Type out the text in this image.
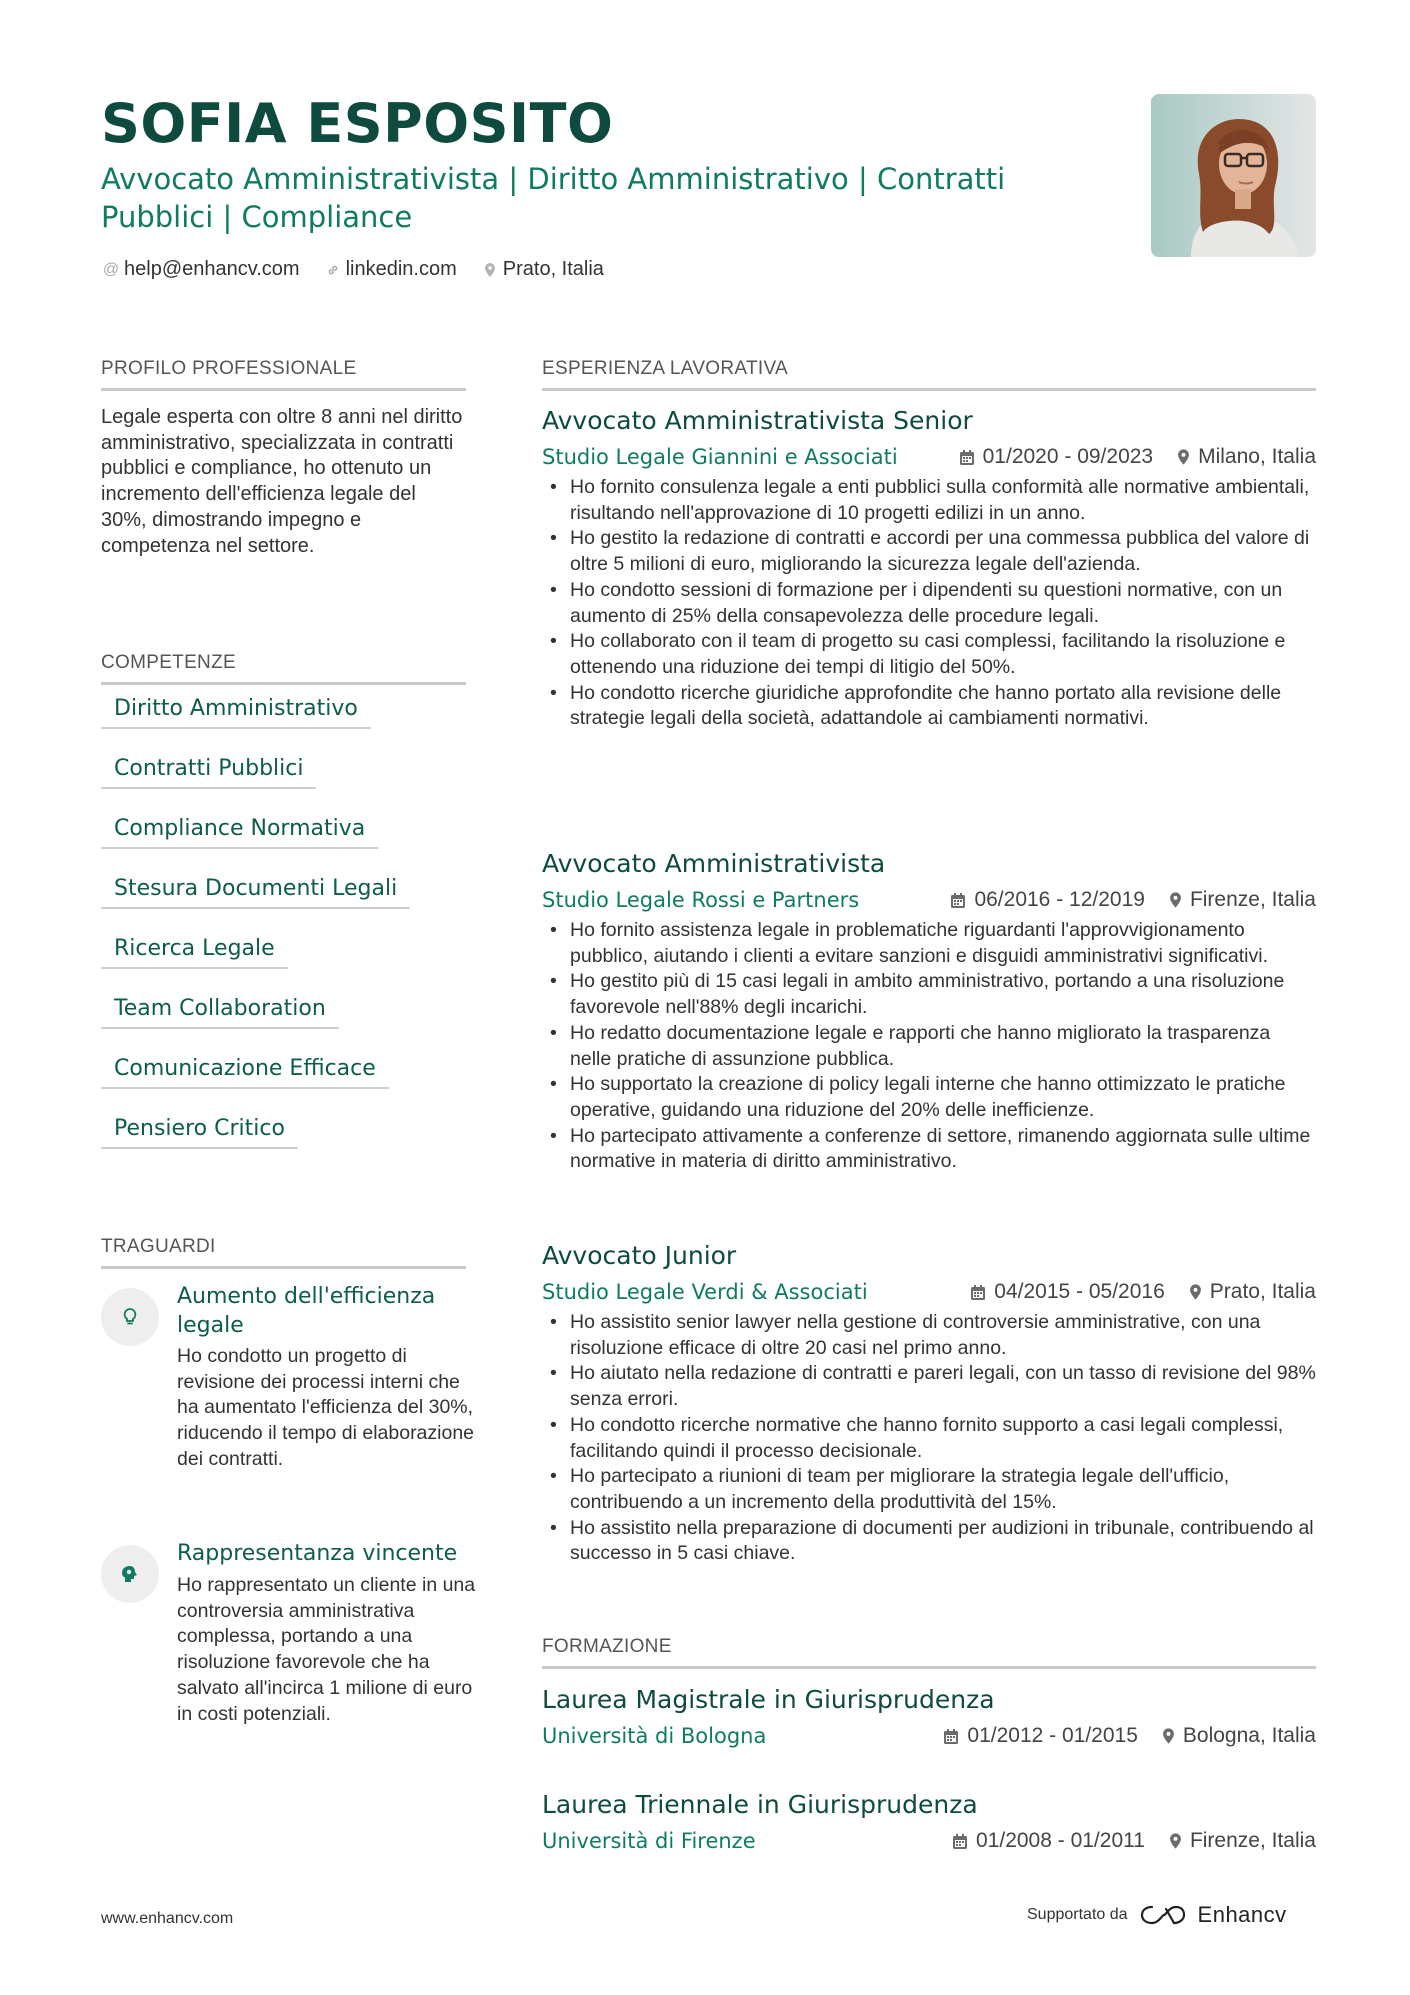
SOFIA ESPOSITO
Avvocato Amministrativista | Diritto Amministrativo | Contratti Pubblici | Compliance
@ help@enhancv.com linkedin.com Prato, Italia
PROFILO PROFESSIONALE
Legale esperta con oltre 8 anni nel diritto amministrativo, specializzata in contratti pubblici e compliance, ho ottenuto un incremento dell'efficienza legale del 30%, dimostrando impegno e competenza nel settore.
COMPETENZE
Diritto Amministrativo
Contratti Pubblici
Compliance Normativa
Stesura Documenti Legali
Ricerca Legale
Team Collaboration
Comunicazione Efficace
Pensiero Critico
TRAGUARDI
Aumento dell'efficienza legale
Ho condotto un progetto di revisione dei processi interni che ha aumentato l'efficienza del 30%, riducendo il tempo di elaborazione dei contratti.
Rappresentanza vincente
Ho rappresentato un cliente in una controversia amministrativa complessa, portando a una risoluzione favorevole che ha salvato all'incirca 1 milione di euro in costi potenziali.
ESPERIENZA LAVORATIVA
Avvocato Amministrativista Senior
Studio Legale Giannini e Associati	01/2020 - 09/2023 Milano, Italia
• Ho fornito consulenza legale a enti pubblici sulla conformità alle normative ambientali, risultando nell'approvazione di 10 progetti edilizi in un anno.
• Ho gestito la redazione di contratti e accordi per una commessa pubblica del valore di oltre 5 milioni di euro, migliorando la sicurezza legale dell'azienda.
• Ho condotto sessioni di formazione per i dipendenti su questioni normative, con un aumento di 25% della consapevolezza delle procedure legali.
• Ho collaborato con il team di progetto su casi complessi, facilitando la risoluzione e ottenendo una riduzione dei tempi di litigio del 50%.
• Ho condotto ricerche giuridiche approfondite che hanno portato alla revisione delle strategie legali della società, adattandole ai cambiamenti normativi.
Avvocato Amministrativista
Studio Legale Rossi e Partners	06/2016 - 12/2019 Firenze, Italia
• Ho fornito assistenza legale in problematiche riguardanti l'approvvigionamento pubblico, aiutando i clienti a evitare sanzioni e disguidi amministrativi significativi.
• Ho gestito più di 15 casi legali in ambito amministrativo, portando a una risoluzione favorevole nell'88% degli incarichi.
• Ho redatto documentazione legale e rapporti che hanno migliorato la trasparenza nelle pratiche di assunzione pubblica.
• Ho supportato la creazione di policy legali interne che hanno ottimizzato le pratiche operative, guidando una riduzione del 20% delle inefficienze.
• Ho partecipato attivamente a conferenze di settore, rimanendo aggiornata sulle ultime normative in materia di diritto amministrativo.
Avvocato Junior
Studio Legale Verdi & Associati	04/2015 - 05/2016 Prato, Italia
• Ho assistito senior lawyer nella gestione di controversie amministrative, con una risoluzione efficace di oltre 20 casi nel primo anno.
• Ho aiutato nella redazione di contratti e pareri legali, con un tasso di revisione del 98% senza errori.
• Ho condotto ricerche normative che hanno fornito supporto a casi legali complessi, facilitando quindi il processo decisionale.
• Ho partecipato a riunioni di team per migliorare la strategia legale dell'ufficio, contribuendo a un incremento della produttività del 15%.
• Ho assistito nella preparazione di documenti per audizioni in tribunale, contribuendo al successo in 5 casi chiave.
FORMAZIONE
Laurea Magistrale in Giurisprudenza
Università di Bologna	01/2012 - 01/2015 Bologna, Italia
Laurea Triennale in Giurisprudenza
Università di Firenze	01/2008 - 01/2011 Firenze, Italia
www.enhancv.com	Supportato da	Enhancv
